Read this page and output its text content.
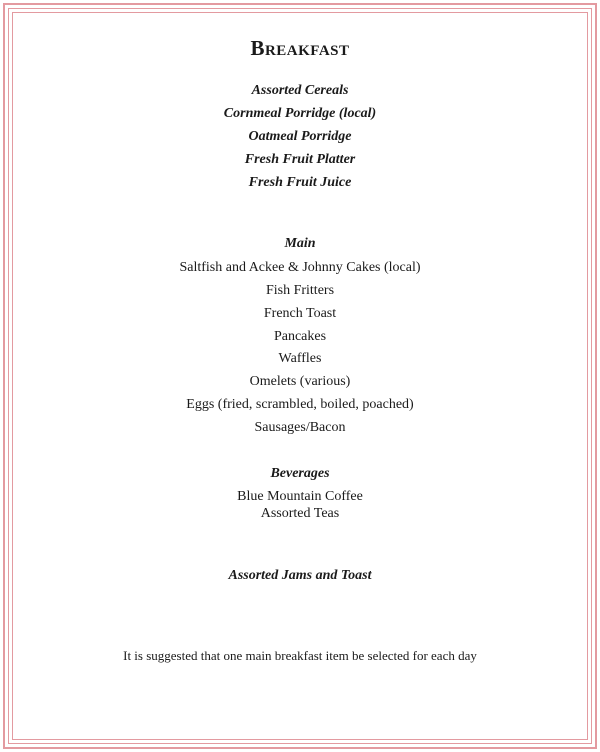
Breakfast
Assorted Cereals
Cornmeal Porridge (local)
Oatmeal Porridge
Fresh Fruit Platter
Fresh Fruit Juice
Main
Saltfish and Ackee & Johnny Cakes (local)
Fish Fritters
French Toast
Pancakes
Waffles
Omelets (various)
Eggs (fried, scrambled, boiled, poached)
Sausages/Bacon
Beverages
Blue Mountain Coffee
Assorted Teas
Assorted Jams and Toast
It is suggested that one main breakfast item be selected for each day
